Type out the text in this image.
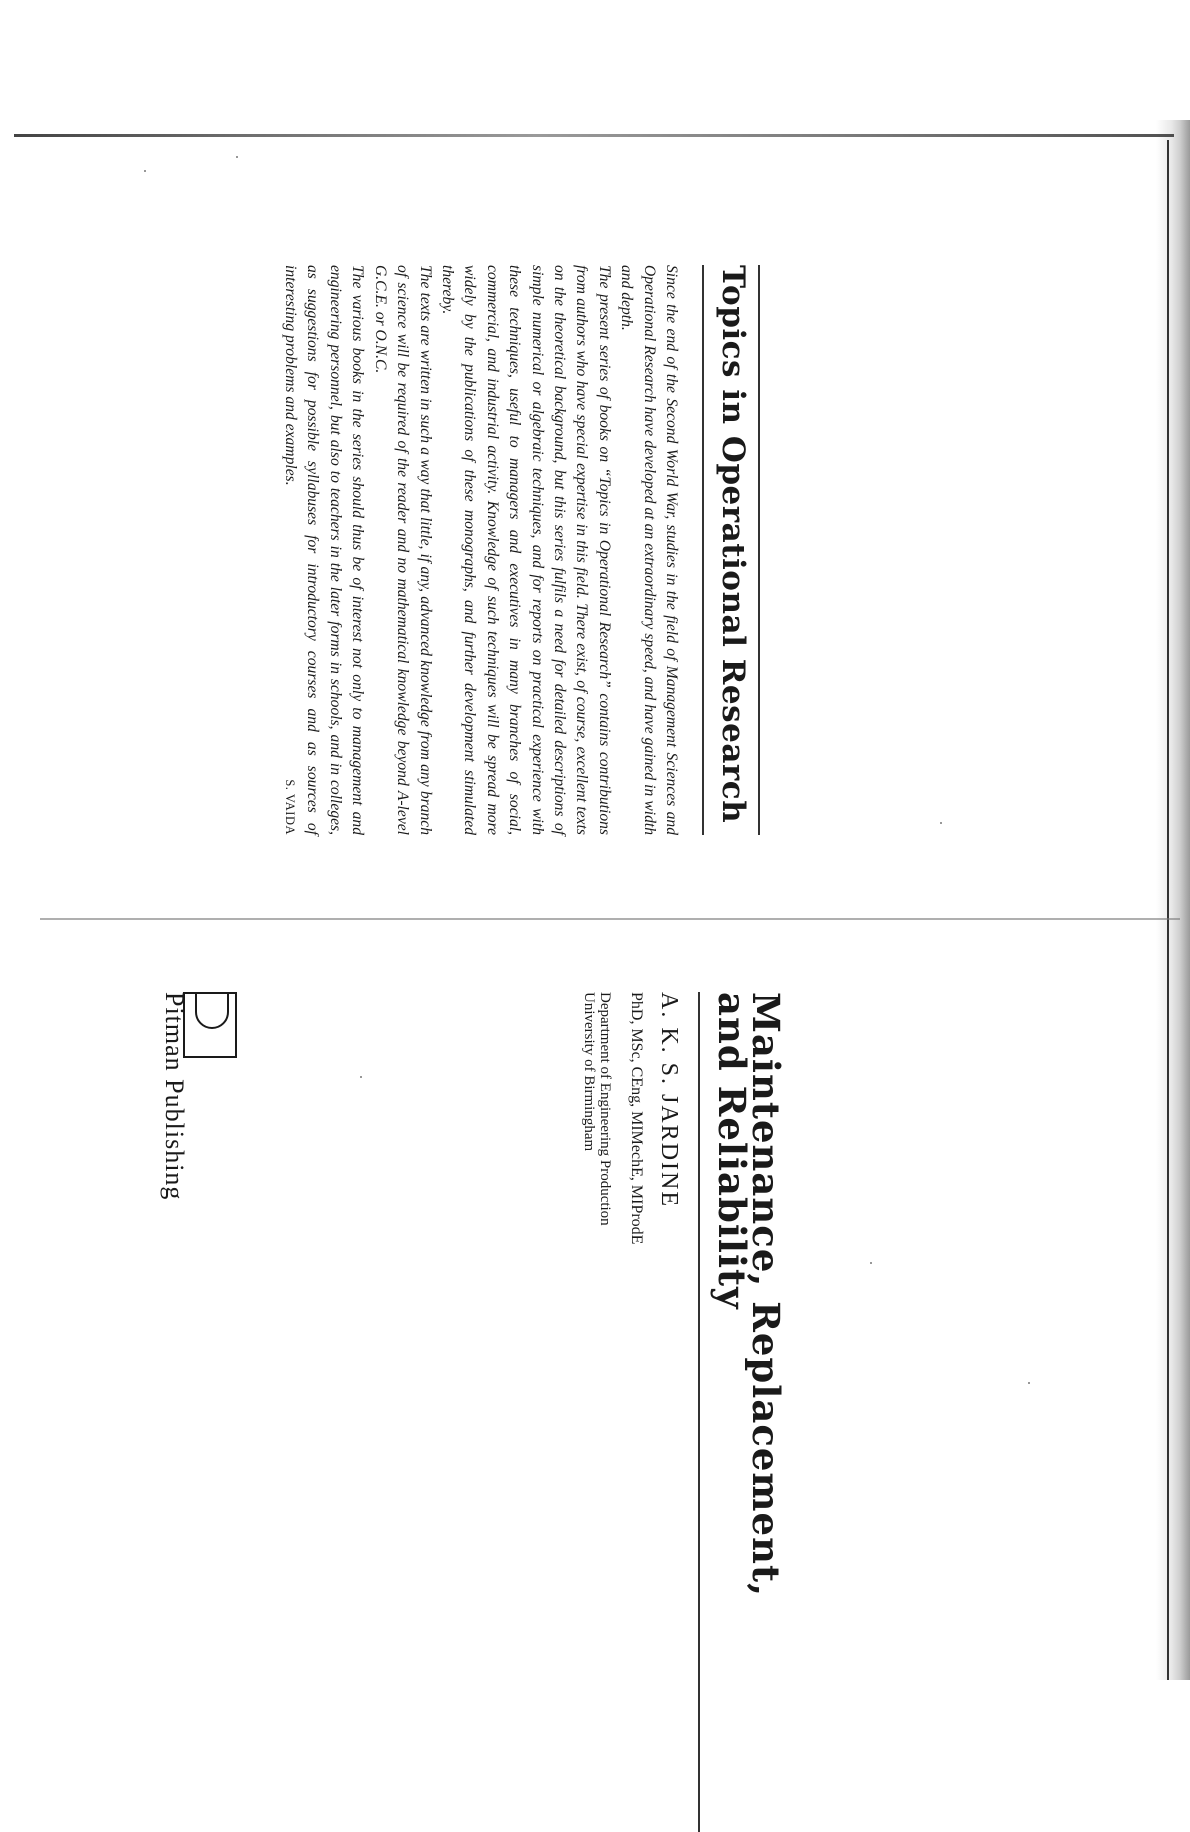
Topics in Operational Research

Since the end of the Second World War, studies in the field of Management Sciences and Operational Research have developed at an extraordinary speed, and have gained in width and depth.

The present series of books on “Topics in Operational Research” contains contributions from authors who have special expertise in this field. There exist, of course, excellent texts on the theoretical background, but this series fulfils a need for detailed descriptions of simple numerical or algebraic techniques, and for reports on practical experience with these techniques, useful to managers and executives in many branches of social, commercial, and industrial activity. Knowledge of such techniques will be spread more widely by the publications of these monographs, and further development stimulated thereby.

The texts are written in such a way that little, if any, advanced knowledge from any branch of science will be required of the reader and no mathematical knowledge beyond A-level G.C.E. or O.N.C.

The various books in the series should thus be of interest not only to management and engineering personnel, but also to teachers in the later forms in schools, and in colleges, as suggestions for possible syllabuses for introductory courses and as sources of interesting problems and examples.

S. VAIDA
Maintenance, Replacement,
and Reliability

A. K. S. JARDINE

PhD, MSc, CEng, MIMechE, MIProdE

Department of Engineering Production
University of Birmingham

Pitman Publishing
